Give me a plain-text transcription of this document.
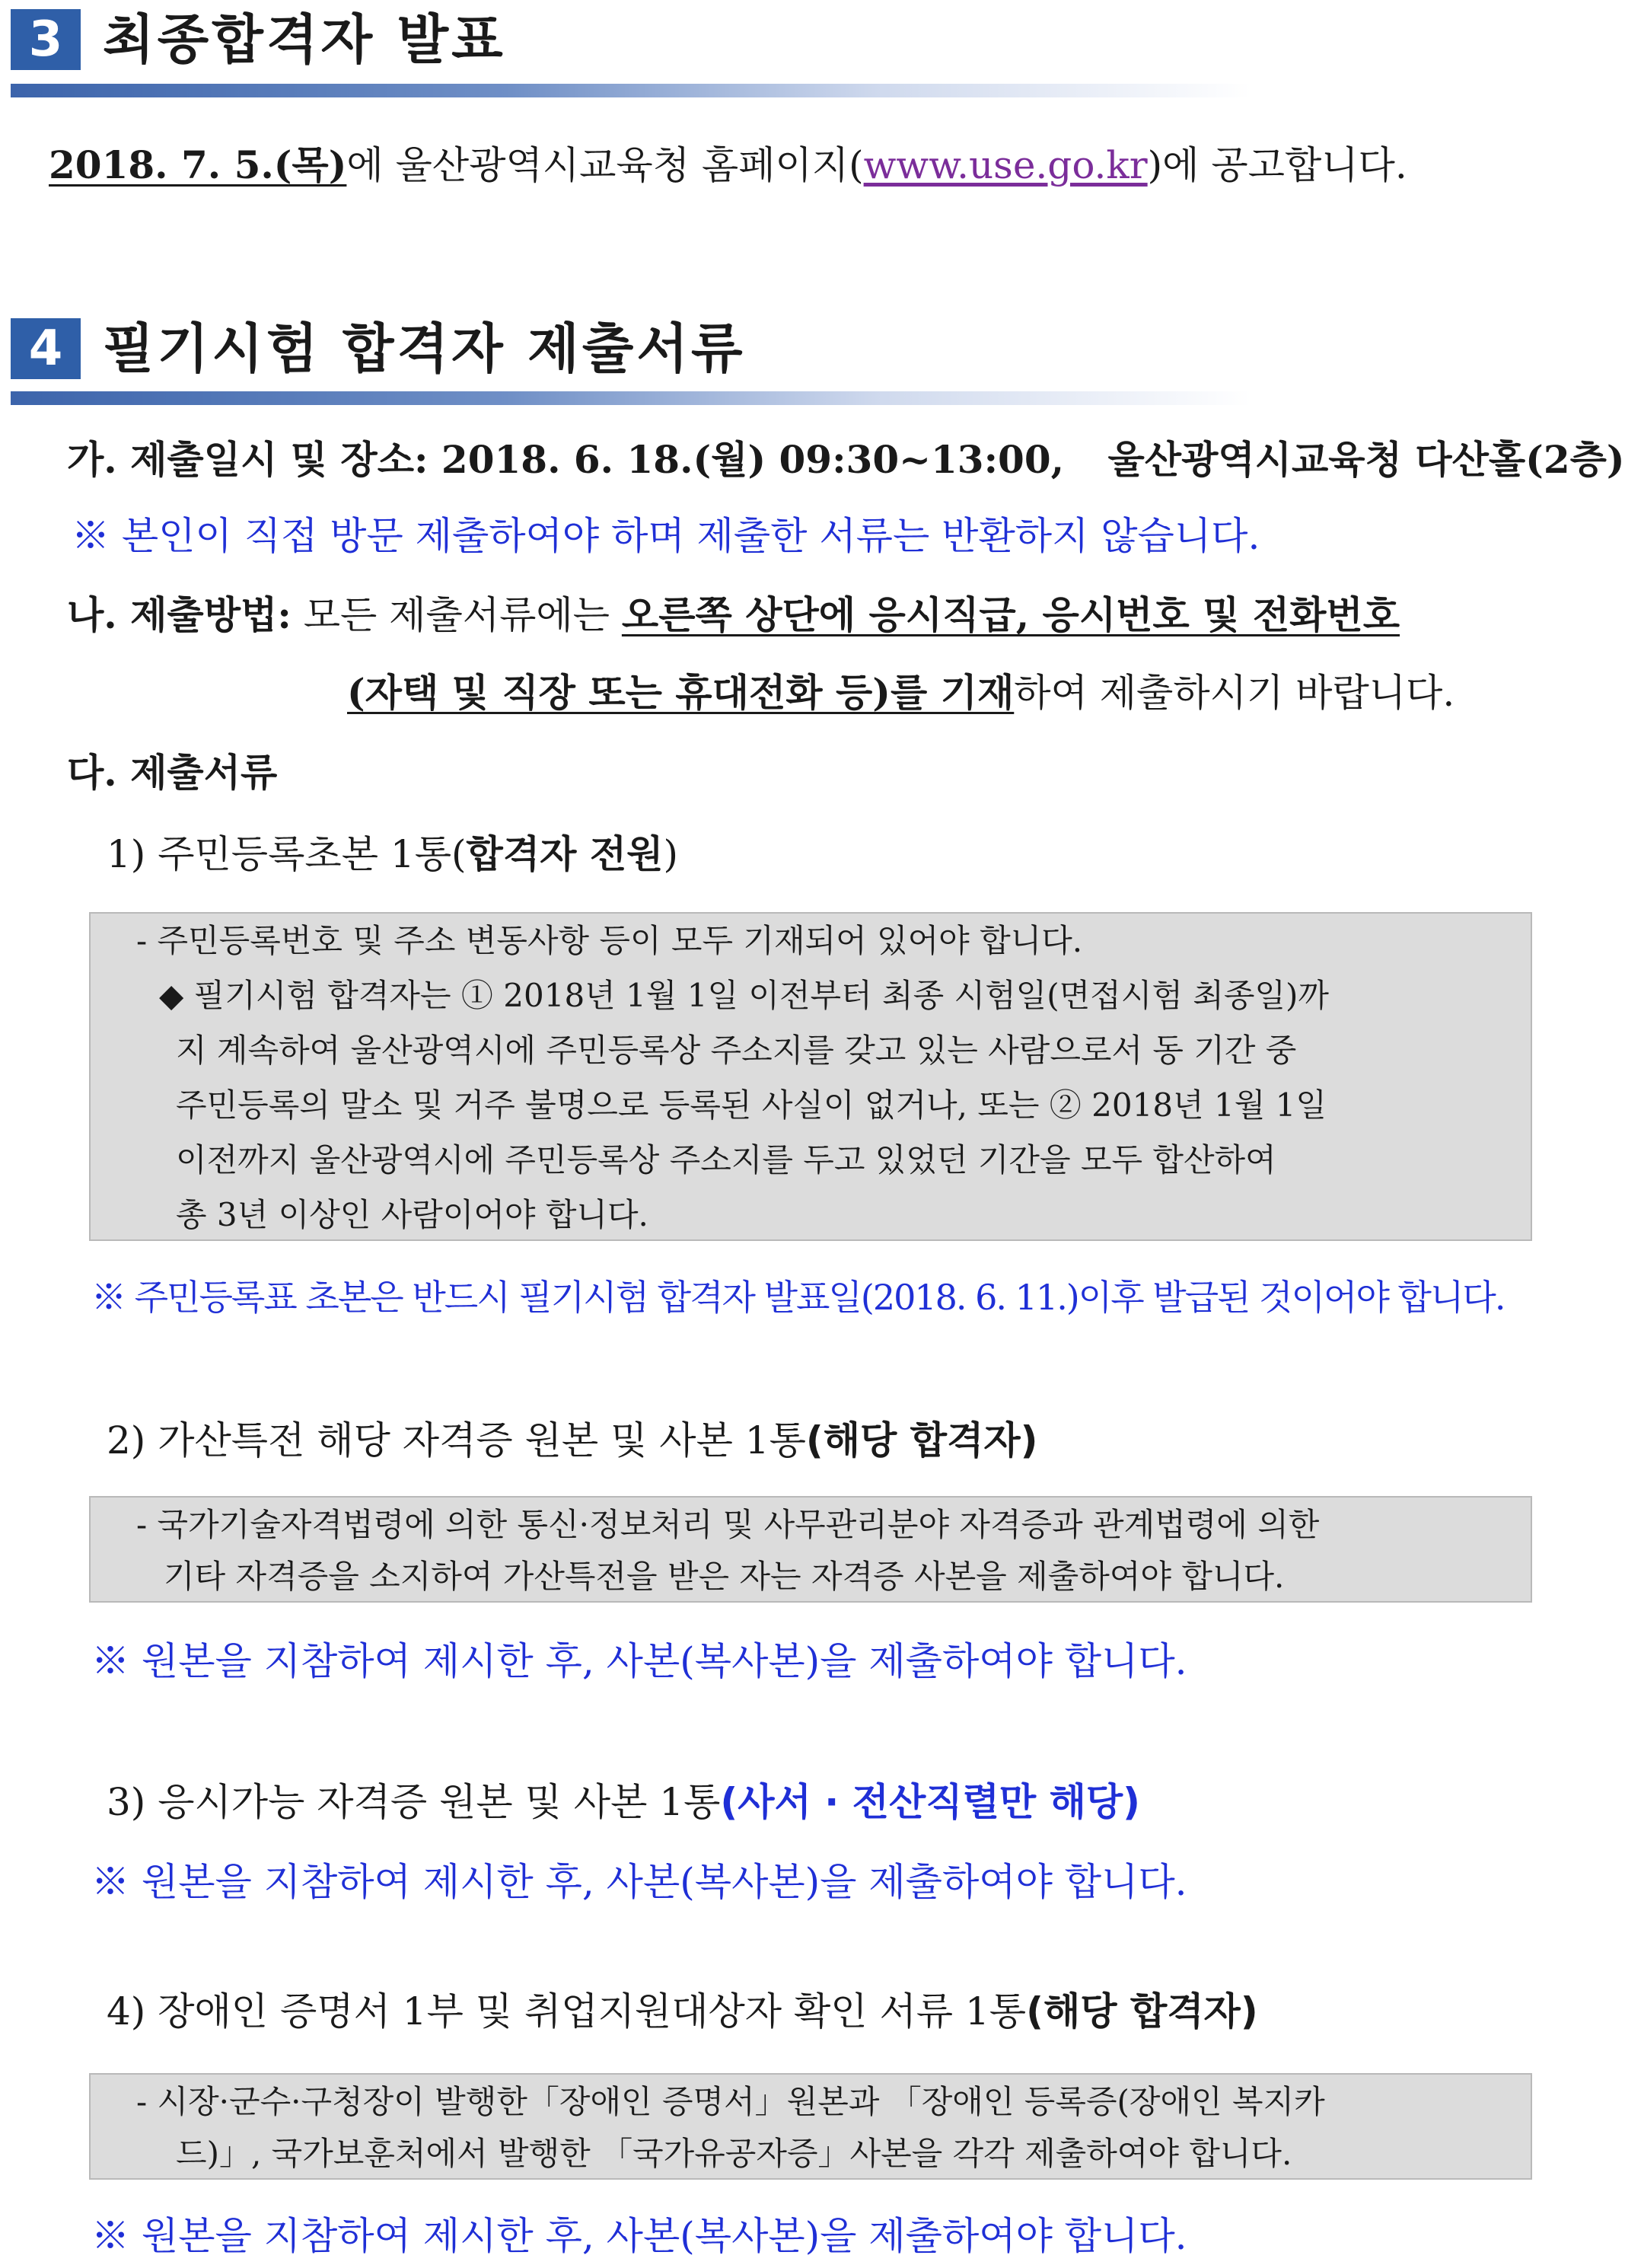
3 최종합격자 발표
2018. 7. 5.(목)에 울산광역시교육청 홈페이지(www.use.go.kr)에 공고합니다.
4 필기시험 합격자 제출서류
가. 제출일시 및 장소: 2018. 6. 18.(월) 09:30~13:00, 울산광역시교육청 다산홀(2층)
※ 본인이 직접 방문 제출하여야 하며 제출한 서류는 반환하지 않습니다.
나. 제출방법: 모든 제출서류에는 오른쪽 상단에 응시직급, 응시번호 및 전화번호
(자택 및 직장 또는 휴대전화 등)를 기재하여 제출하시기 바랍니다.
다. 제출서류
1) 주민등록초본 1통(합격자 전원)
- 주민등록번호 및 주소 변동사항 등이 모두 기재되어 있어야 합니다.
◆ 필기시험 합격자는 ① 2018년 1월 1일 이전부터 최종 시험일(면접시험 최종일)까
지 계속하여 울산광역시에 주민등록상 주소지를 갖고 있는 사람으로서 동 기간 중
주민등록의 말소 및 거주 불명으로 등록된 사실이 없거나, 또는 ② 2018년 1월 1일
이전까지 울산광역시에 주민등록상 주소지를 두고 있었던 기간을 모두 합산하여
총 3년 이상인 사람이어야 합니다.
※ 주민등록표 초본은 반드시 필기시험 합격자 발표일(2018. 6. 11.)이후 발급된 것이어야 합니다.
2) 가산특전 해당 자격증 원본 및 사본 1통(해당 합격자)
- 국가기술자격법령에 의한 통신·정보처리 및 사무관리분야 자격증과 관계법령에 의한
기타 자격증을 소지하여 가산특전을 받은 자는 자격증 사본을 제출하여야 합니다.
※ 원본을 지참하여 제시한 후, 사본(복사본)을 제출하여야 합니다.
3) 응시가능 자격증 원본 및 사본 1통(사서 · 전산직렬만 해당)
※ 원본을 지참하여 제시한 후, 사본(복사본)을 제출하여야 합니다.
4) 장애인 증명서 1부 및 취업지원대상자 확인 서류 1통(해당 합격자)
- 시장·군수·구청장이 발행한「장애인 증명서」원본과 「장애인 등록증(장애인 복지카
드)」, 국가보훈처에서 발행한 「국가유공자증」사본을 각각 제출하여야 합니다.
※ 원본을 지참하여 제시한 후, 사본(복사본)을 제출하여야 합니다.
